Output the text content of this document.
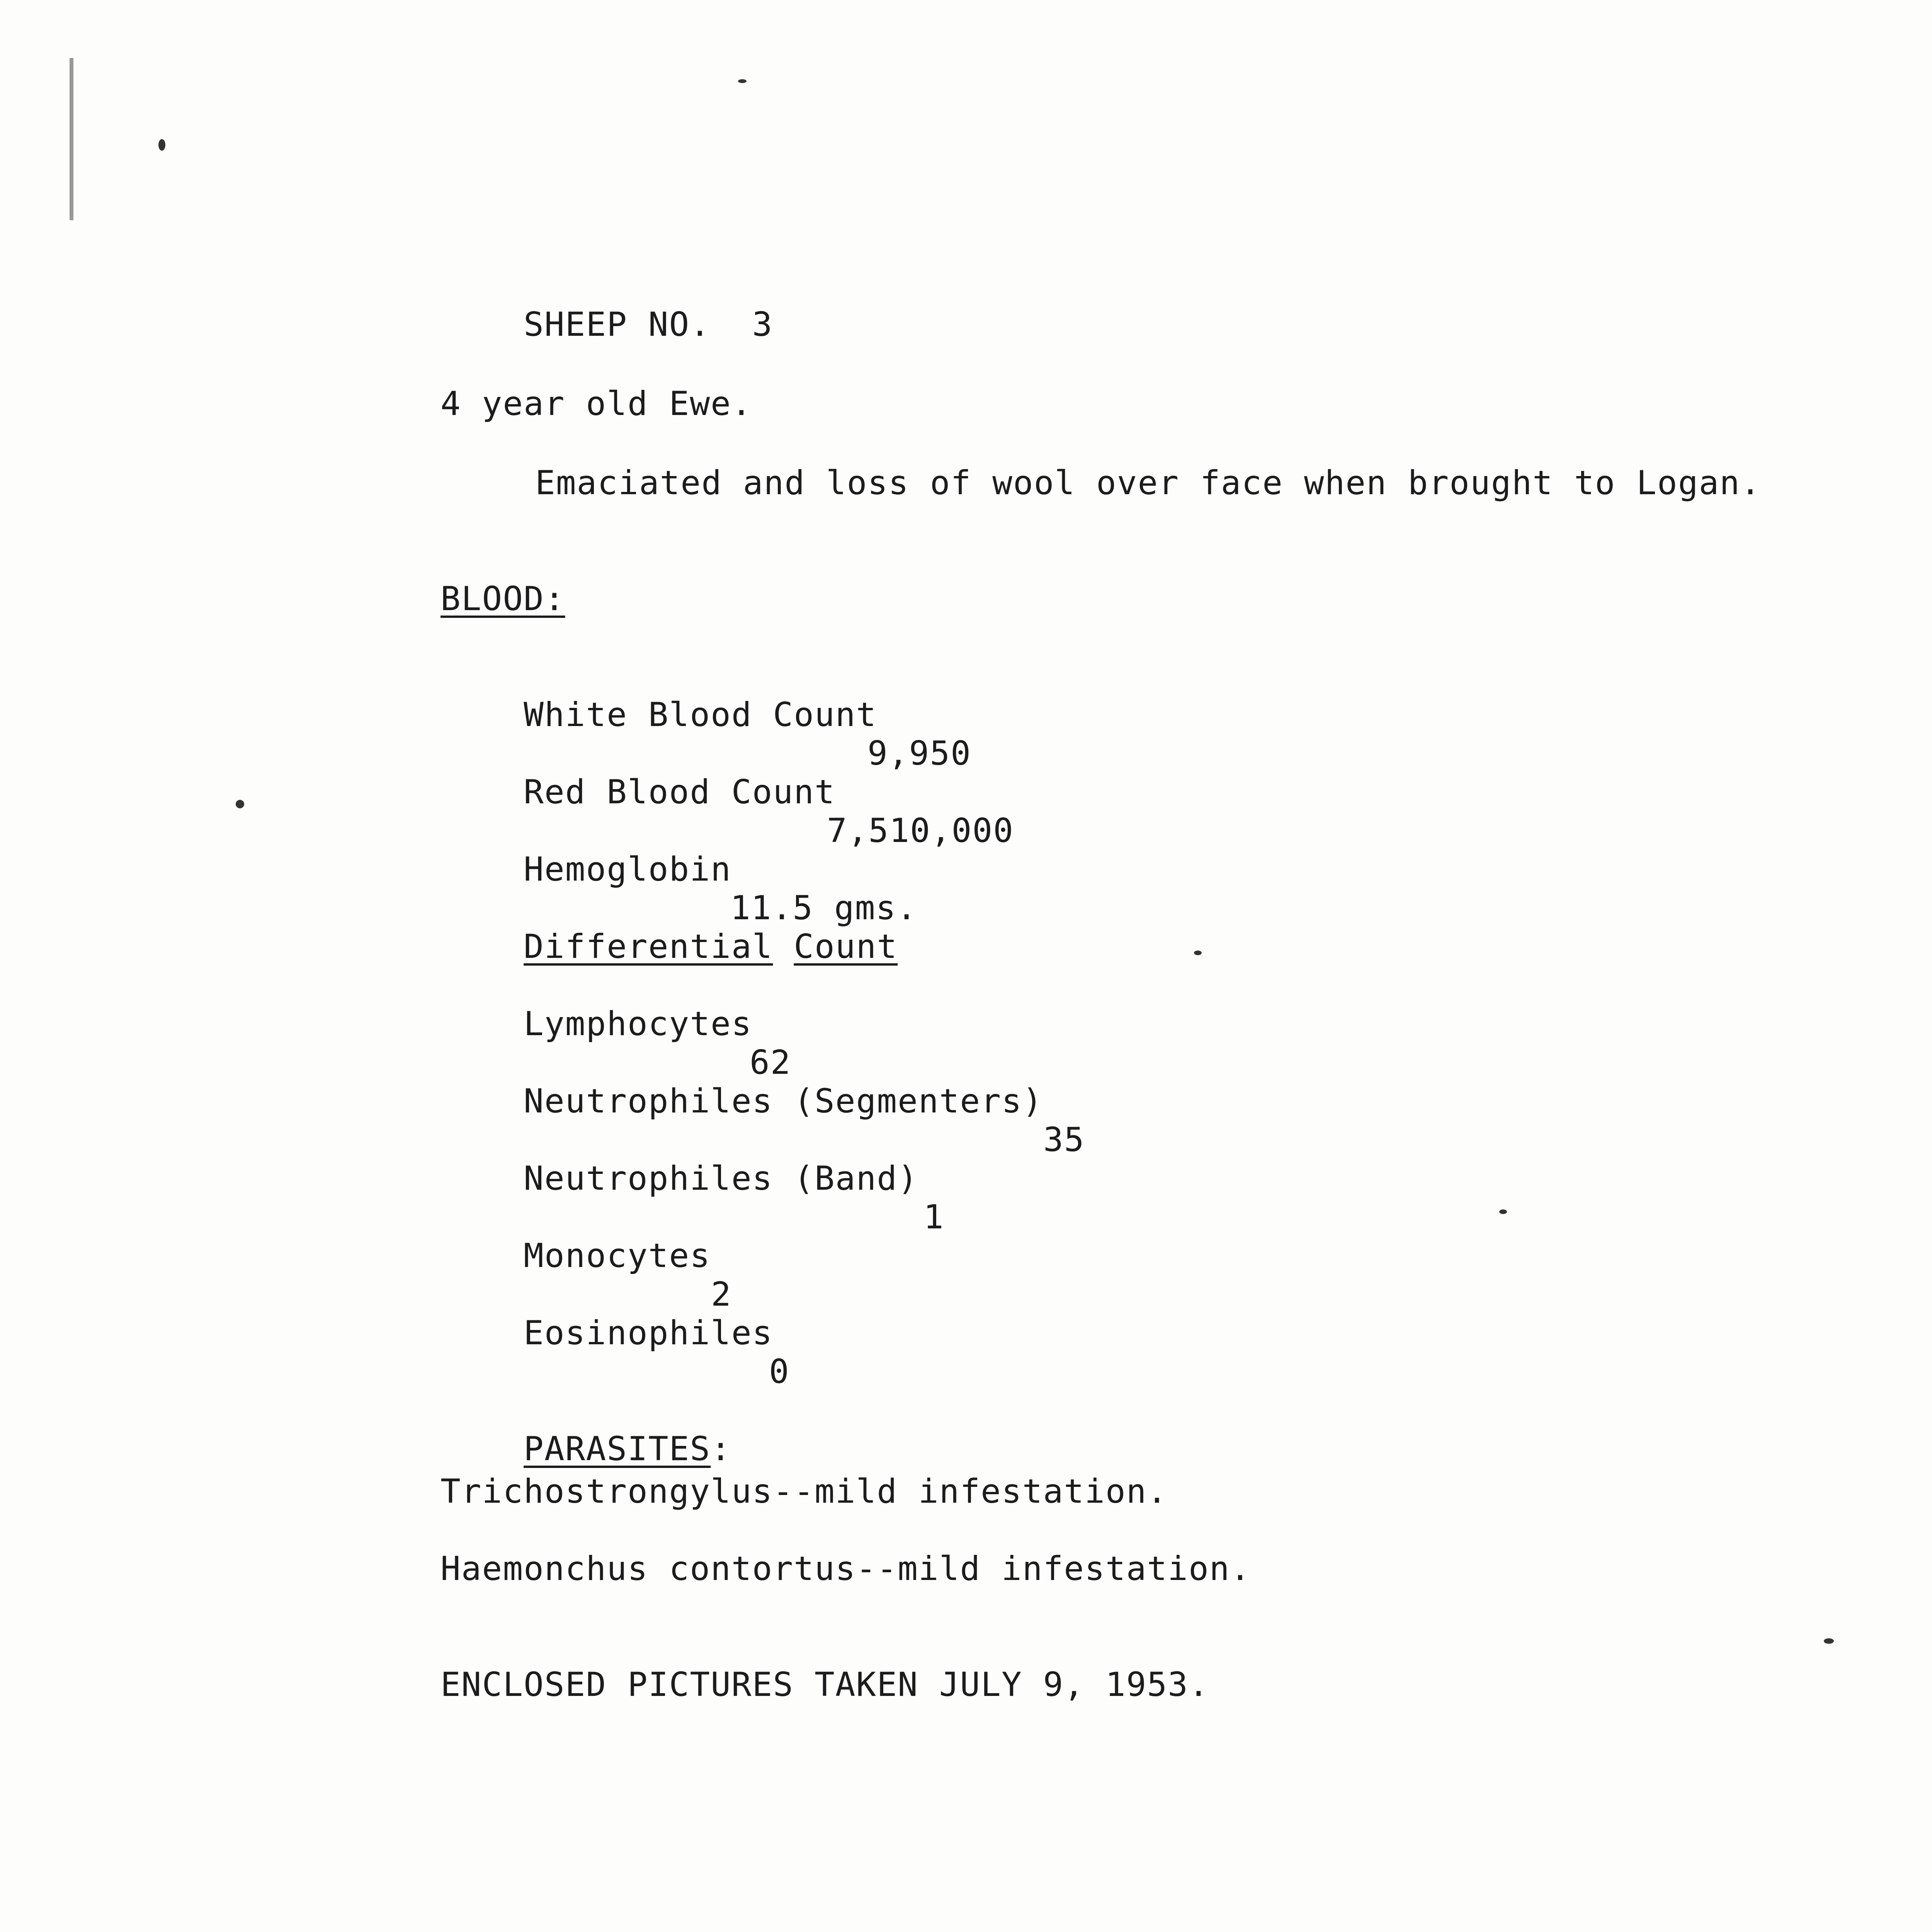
SHEEP NO. 3

4 year old Ewe.
Emaciated and loss of wool over face when brought to Logan.
BLOOD:

White Blood Count

9,950

Red Blood Count

7,510,000

Hemoglobin

11.5 gms.

Differential Count

Lymphocytes

62

Neutrophiles (Segmenters)

35

Neutrophiles (Band)

1

Monocytes

2

Eosinophiles

0

PARASITES:

Trichostrongylus--mild infestation.
Haemonchus contortus--mild infestation.
ENCLOSED PICTURES TAKEN JULY 9, 1953.
